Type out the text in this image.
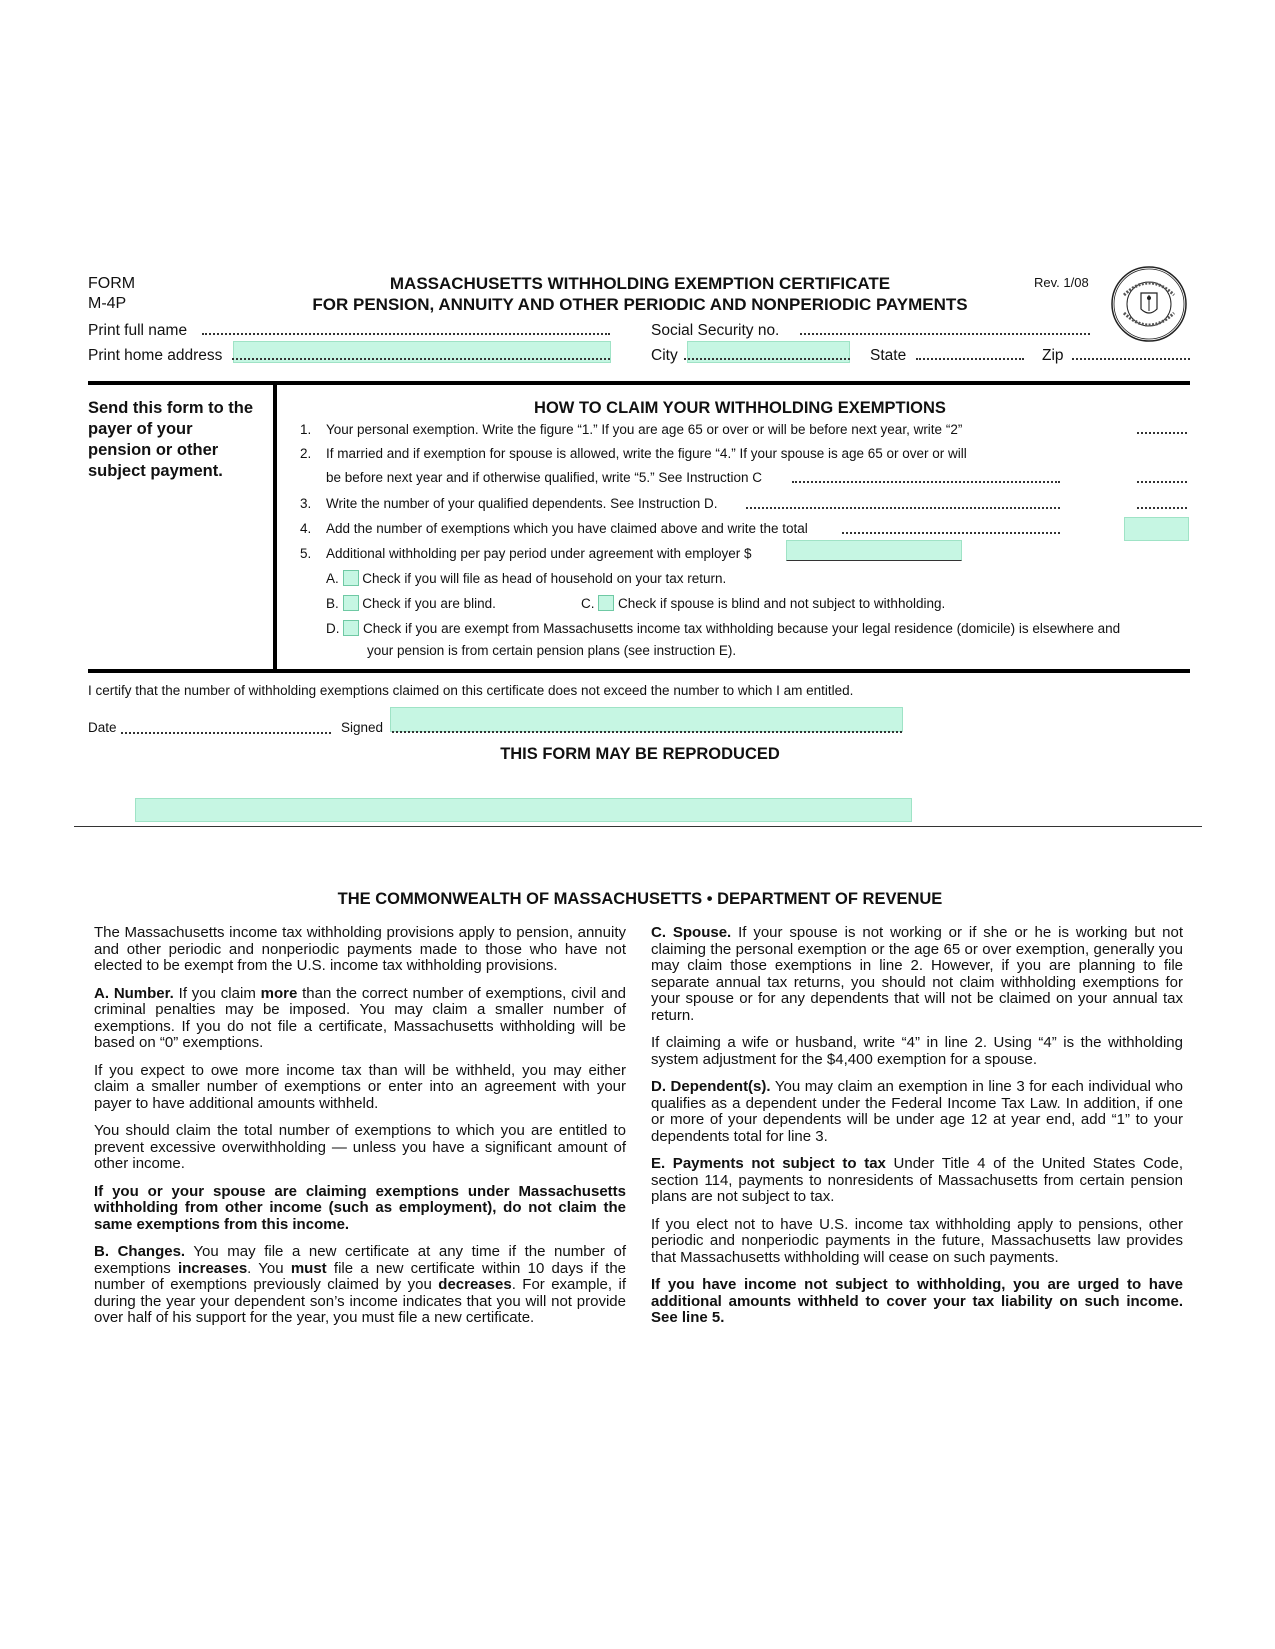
FORM
M-4P
MASSACHUSETTS WITHHOLDING EXEMPTION CERTIFICATE
FOR PENSION, ANNUITY AND OTHER PERIODIC AND NONPERIODIC PAYMENTS
Rev. 1/08
Print full name	Social Security no.
Print home address	City	State	Zip
Send this form to the payer of your pension or other subject payment.
HOW TO CLAIM YOUR WITHHOLDING EXEMPTIONS
1. Your personal exemption. Write the figure “1.” If you are age 65 or over or will be before next year, write “2”
2. If married and if exemption for spouse is allowed, write the figure “4.” If your spouse is age 65 or over or will
be before next year and if otherwise qualified, write “5.” See Instruction C
3. Write the number of your qualified dependents. See Instruction D.
4. Add the number of exemptions which you have claimed above and write the total
5. Additional withholding per pay period under agreement with employer $
A. Check if you will file as head of household on your tax return.
B. Check if you are blind.	C. Check if spouse is blind and not subject to withholding.
D. Check if you are exempt from Massachusetts income tax withholding because your legal residence (domicile) is elsewhere and
your pension is from certain pension plans (see instruction E).
I certify that the number of withholding exemptions claimed on this certificate does not exceed the number to which I am entitled.
Date	Signed
THIS FORM MAY BE REPRODUCED
THE COMMONWEALTH OF MASSACHUSETTS • DEPARTMENT OF REVENUE

The Massachusetts income tax withholding provisions apply to pension, annuity and other periodic and nonperiodic payments made to those who have not elected to be exempt from the U.S. income tax withholding provisions.

A. Number. If you claim more than the correct number of exemptions, civil and criminal penalties may be imposed. You may claim a smaller number of exemptions. If you do not file a certificate, Massachusetts withholding will be based on “0” exemptions.

If you expect to owe more income tax than will be withheld, you may either claim a smaller number of exemptions or enter into an agreement with your payer to have additional amounts withheld.

You should claim the total number of exemptions to which you are entitled to prevent excessive overwithholding — unless you have a significant amount of other income.

If you or your spouse are claiming exemptions under Massachusetts withholding from other income (such as employment), do not claim the same exemptions from this income.

B. Changes. You may file a new certificate at any time if the number of exemptions increases. You must file a new certificate within 10 days if the number of exemptions previously claimed by you decreases. For example, if during the year your dependent son’s income indicates that you will not provide over half of his support for the year, you must file a new certificate.

C. Spouse. If your spouse is not working or if she or he is working but not claiming the personal exemption or the age 65 or over exemption, generally you may claim those exemptions in line 2. However, if you are planning to file separate annual tax returns, you should not claim withholding exemptions for your spouse or for any dependents that will not be claimed on your annual tax return.

If claiming a wife or husband, write “4” in line 2. Using “4” is the withholding system adjustment for the $4,400 exemption for a spouse.

D. Dependent(s). You may claim an exemption in line 3 for each individual who qualifies as a dependent under the Federal Income Tax Law. In addition, if one or more of your dependents will be under age 12 at year end, add “1” to your dependents total for line 3.

E. Payments not subject to tax Under Title 4 of the United States Code, section 114, payments to nonresidents of Massachusetts from certain pension plans are not subject to tax.

If you elect not to have U.S. income tax withholding apply to pensions, other periodic and nonperiodic payments in the future, Massachusetts law provides that Massachusetts withholding will cease on such payments.

If you have income not subject to withholding, you are urged to have additional amounts withheld to cover your tax liability on such income. See line 5.
